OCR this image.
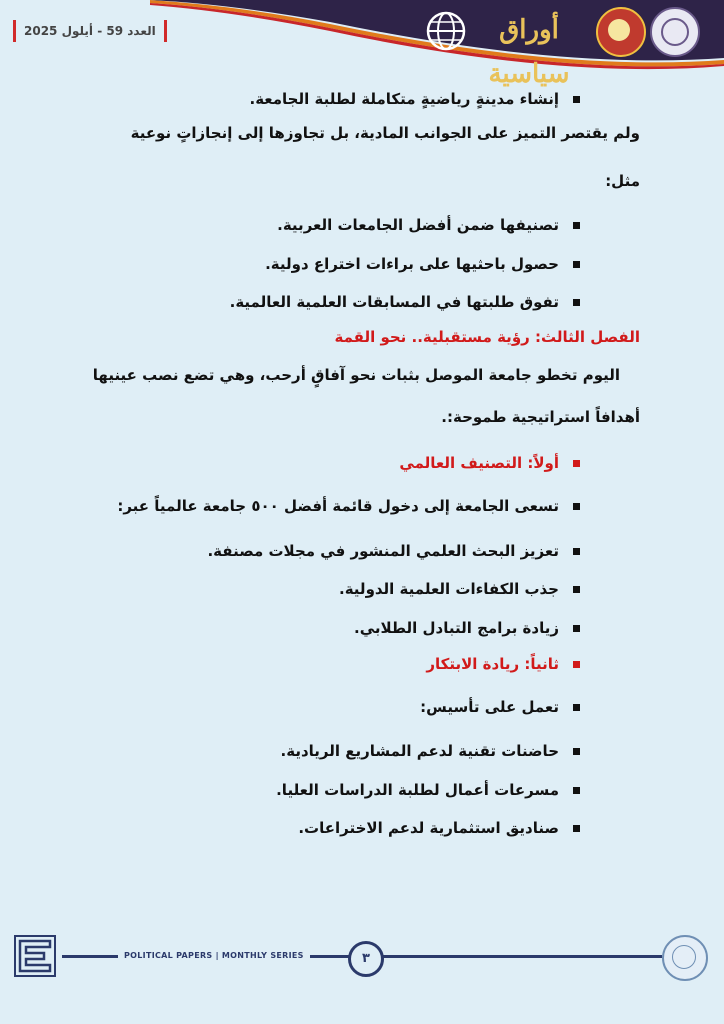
العدد 59 - أيلول 2025	أوراق سياسية
إنشاء مدينةٍ رياضيةٍ متكاملة لطلبة الجامعة.
ولم يقتصر التميز على الجوانب المادية، بل تجاوزها إلى إنجازاتٍ نوعية
مثل:
تصنيفها ضمن أفضل الجامعات العربية.
حصول باحثيها على براءات اختراع دولية.
تفوق طلبتها في المسابقات العلمية العالمية.
الفصل الثالث: رؤية مستقبلية.. نحو القمة
اليوم تخطو جامعة الموصل بثبات نحو آفاقٍ أرحب، وهي تضع نصب عينيها
أهدافاً استراتيجية طموحة:.
أولاً: التصنيف العالمي
تسعى الجامعة إلى دخول قائمة أفضل ٥٠٠ جامعة عالمياً عبر:
تعزيز البحث العلمي المنشور في مجلات مصنفة.
جذب الكفاءات العلمية الدولية.
زيادة برامج التبادل الطلابي.
ثانياً: ريادة الابتكار
تعمل على تأسيس:
حاضنات تقنية لدعم المشاريع الريادية.
مسرعات أعمال لطلبة الدراسات العليا.
صناديق استثمارية لدعم الاختراعات.
POLITICAL PAPERS | MONTHLY SERIES	٣
